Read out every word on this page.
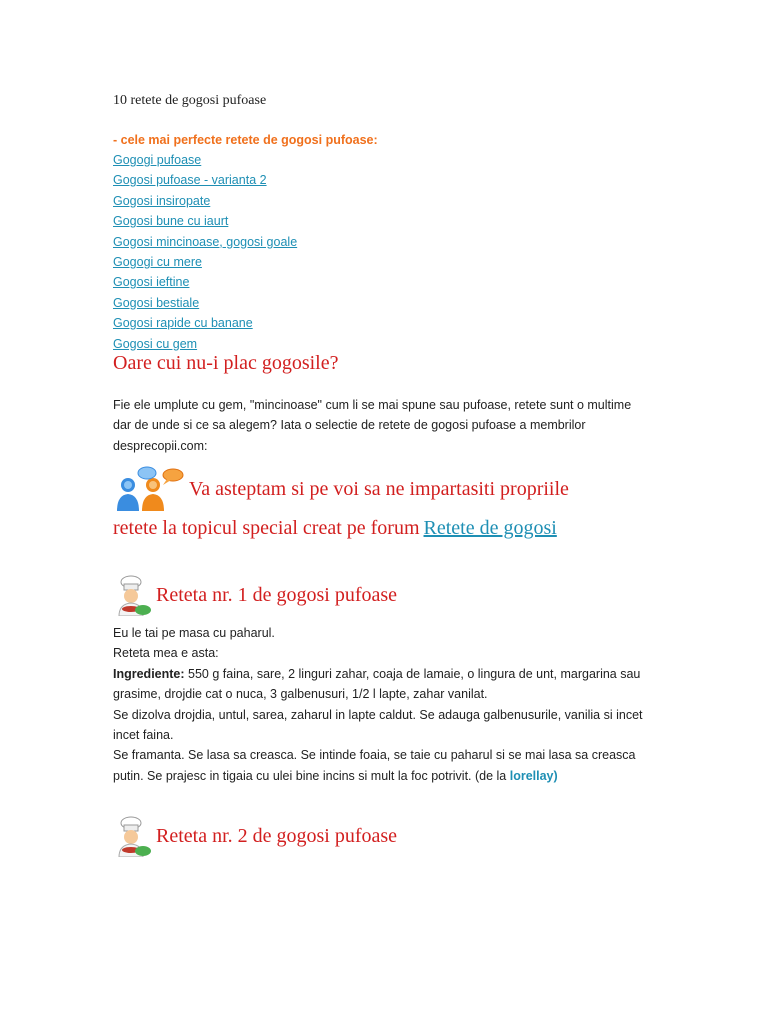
10 retete de gogosi pufoase
- cele mai perfecte retete de gogosi pufoase:
Gogogi pufoase
Gogosi pufoase - varianta 2
Gogosi insiropate
Gogosi bune cu iaurt
Gogosi mincinoase, gogosi goale
Gogogi cu mere
Gogosi ieftine
Gogosi bestiale
Gogosi rapide cu banane
Gogosi cu gem
Oare cui nu-i plac gogosile?
Fie ele umplute cu gem, "mincinoase" cum li se mai spune sau pufoase, retete sunt o multime dar de unde si ce sa alegem? Iata o selectie de retete de gogosi pufoase a membrilor desprecopii.com:
Va asteptam si pe voi sa ne impartasiti propriile
retete la topicul special creat pe forum Retete de gogosi
Reteta nr. 1 de gogosi pufoase
Eu le tai pe masa cu paharul.
Reteta mea e asta:
Ingrediente: 550 g faina, sare, 2 linguri zahar, coaja de lamaie, o lingura de unt, margarina sau grasime, drojdie cat o nuca, 3 galbenusuri, 1/2 l lapte, zahar vanilat.
Se dizolva drojdia, untul, sarea, zaharul in lapte caldut. Se adauga galbenusurile, vanilia si incet incet faina.
Se framanta. Se lasa sa creasca. Se intinde foaia, se taie cu paharul si se mai lasa sa creasca putin. Se prajesc in tigaia cu ulei bine incins si mult la foc potrivit. (de la lorellay)
Reteta nr. 2 de gogosi pufoase
